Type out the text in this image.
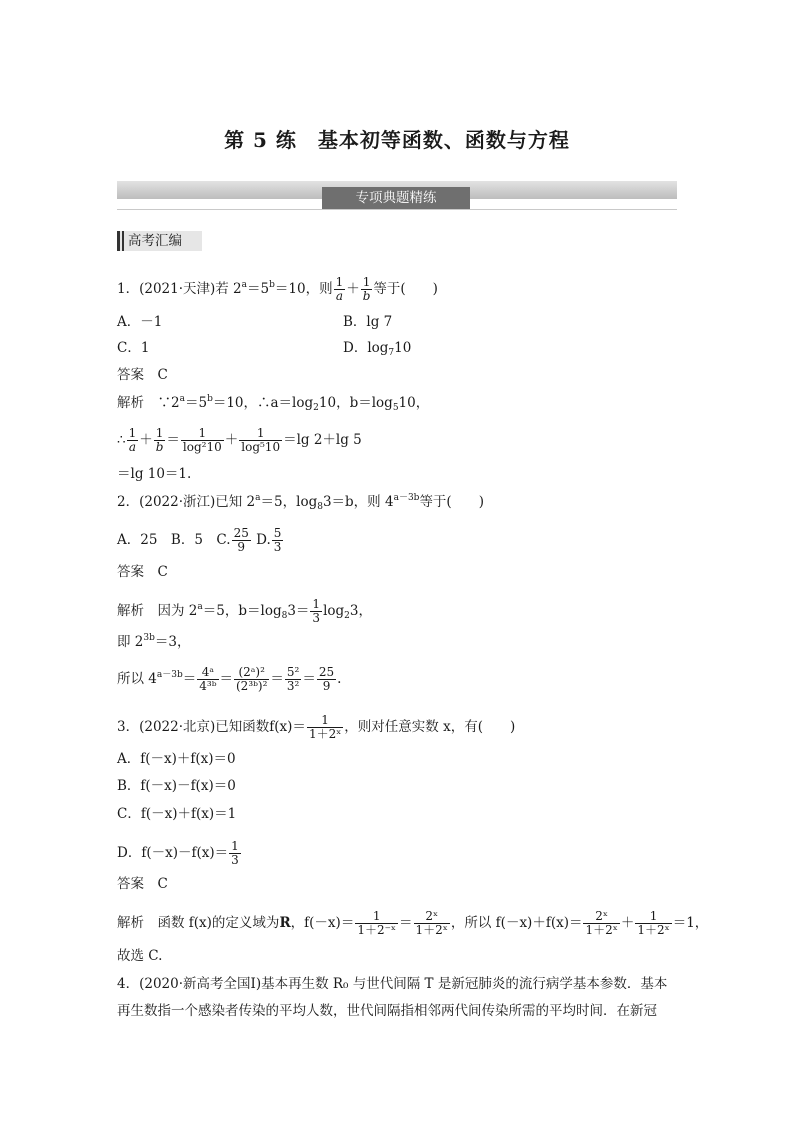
第 5 练　基本初等函数、函数与方程
专项典题精练
高考汇编
1．(2021·天津)若 $2^a=5^b=10$，则 $\frac{1}{a} + \frac{1}{b}$ 等于(　　)
A．－1	B．lg 7
C．1	D．$\log_710$
答案　C
解析　$\because 2^a=5^b=10$，$\therefore a=\log_210$，$b=\log_510$，
∴ $\frac{1}{a} + \frac{1}{b} = \frac{1}{\text{log²10}} + \frac{1}{\text{log⁵10}} =\lg$ 2＋lg 5
＝lg 10＝1.
2．(2022·浙江)已知 $2^a=5$，$\log_83=b$，则 $4^{a-3b}$等于(　　)
A．25　B．5　C. $\frac{25}{9} D$. $\frac{5}{3}$
答案　C
解析　因为 $2^a=5$，$b=\log_83= \frac{1}{3} \log_23$，
即 $2^{3b}=3$，
所以 $4^{a-3b}= \frac{\text{4ᵃ}}{\text{4³ᵇ}} = \frac{\text{(2ᵃ)²}}{\text{(2³ᵇ)²}} = \frac{\text{5²}}{\text{3²}} = \frac{25}{9}$ .
3．(2022·北京)已知函数$f(x)= \frac{1}{\text{1＋2ˣ}}$ ，则对任意实数 x，有(　　)
A．f(－x)＋f(x)＝0
B．f(－x)－f(x)＝0
C．f(－x)＋f(x)＝1
D．$f(-x)-f(x)= \frac{1}{3}$
答案　C
解析　函数 f(x)的定义域为R，$f(-x)= \frac{1}{\text{1＋2⁻ˣ}} = \frac{\text{2ˣ}}{\text{1＋2ˣ}}$ ，所以 $f(-x)+f(x)= \frac{\text{2ˣ}}{\text{1＋2ˣ}} + \frac{1}{\text{1＋2ˣ}} =1$，
故选 C.
4．(2020·新高考全国Ⅰ)基本再生数 R₀ 与世代间隔 T 是新冠肺炎的流行病学基本参数．基本
再生数指一个感染者传染的平均人数，世代间隔指相邻两代间传染所需的平均时间．在新冠
